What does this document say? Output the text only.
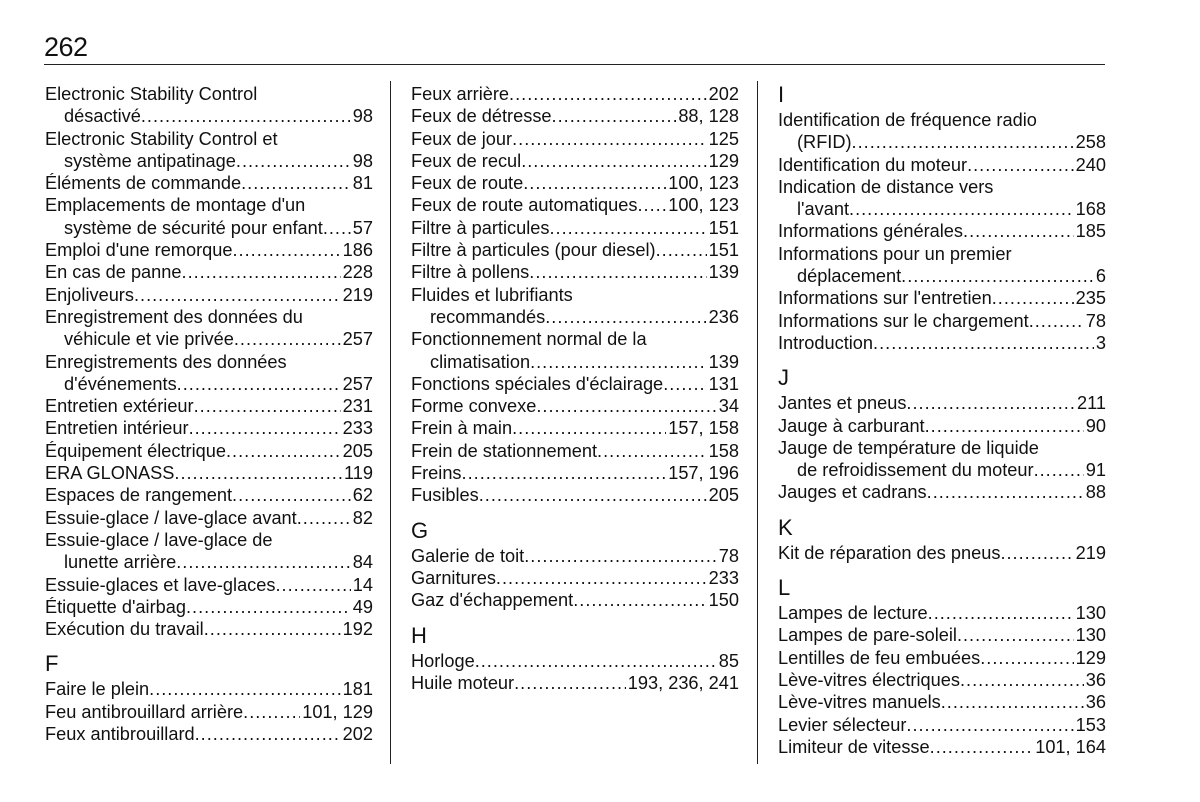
262
Electronic Stability Control
désactivé .....	98
Electronic Stability Control et
système antipatinage .....	98
Éléments de commande .....	81
Emplacements de montage d'un
système de sécurité pour enfant ..... 57
Emploi d'une remorque .....	186
En cas de panne .....	228
Enjoliveurs .....	219
Enregistrement des données du
véhicule et vie privée .....	257
Enregistrements des données
d'événements .....	257
Entretien extérieur .....	231
Entretien intérieur .....	233
Équipement électrique .....	205
ERA GLONASS .....	119
Espaces de rangement .....	62
Essuie-glace / lave-glace avant .....	82
Essuie-glace / lave-glace de
lunette arrière .....	84
Essuie-glaces et lave-glaces .....	14
Étiquette d'airbag .....	49
Exécution du travail .....	192
F
Faire le plein .....	181
Feu antibrouillard arrière .....	101, 129
Feux antibrouillard .....	202
Feux arrière .....	202
Feux de détresse .....	88, 128
Feux de jour .....	125
Feux de recul .....	129
Feux de route .....	100, 123
Feux de route automatiques ..... 100, 123
Filtre à particules .....	151
Filtre à particules (pour diesel) .....	151
Filtre à pollens .....	139
Fluides et lubrifiants
recommandés .....	236
Fonctionnement normal de la
climatisation .....	139
Fonctions spéciales d'éclairage ..... 131
Forme convexe .....	34
Frein à main .....	157, 158
Frein de stationnement .....	158
Freins .....	157, 196
Fusibles .....	205
G
Galerie de toit .....	78
Garnitures .....	233
Gaz d'échappement .....	150
H
Horloge .....	85
Huile moteur .....	193, 236, 241
I
Identification de fréquence radio
(RFID) .....	258
Identification du moteur .....	240
Indication de distance vers
l'avant .....	168
Informations générales .....	185
Informations pour un premier
déplacement .....	6
Informations sur l'entretien .....	235
Informations sur le chargement .....	78
Introduction .....	3
J
Jantes et pneus .....	211
Jauge à carburant .....	90
Jauge de température de liquide
de refroidissement du moteur .....	91
Jauges et cadrans .....	88
K
Kit de réparation des pneus .....	219
L
Lampes de lecture .....	130
Lampes de pare-soleil .....	130
Lentilles de feu embuées .....	129
Lève-vitres électriques .....	36
Lève-vitres manuels .....	36
Levier sélecteur .....	153
Limiteur de vitesse .....	101, 164
